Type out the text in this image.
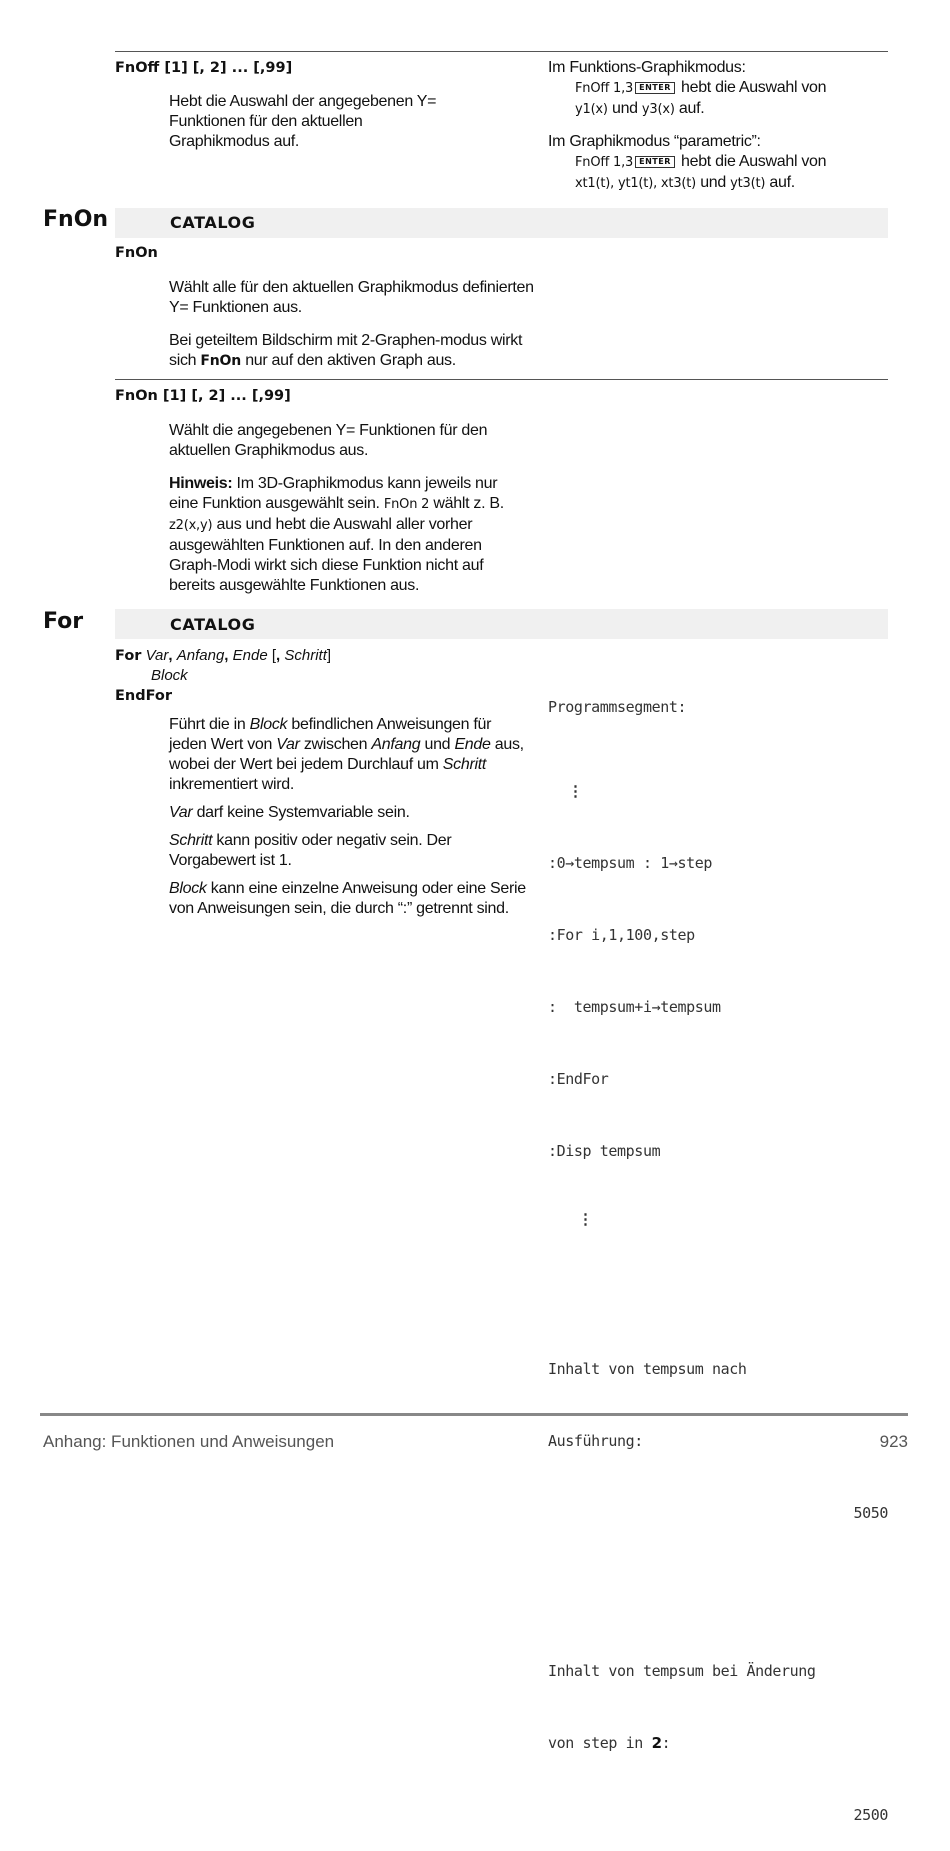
FnOff [1] [, 2] ... [,99]

Hebt die Auswahl der angegebenen Y= Funktionen für den aktuellen Graphikmodus auf.

Im Funktions-Graphikmodus:
FnOff 1,3 ENTER hebt die Auswahl von
y1(x) und y3(x) auf.
Im Graphikmodus “parametric”:
FnOff 1,3 ENTER hebt die Auswahl von
xt1(t), yt1(t), xt3(t) und yt3(t) auf.
FnOn	CATALOG
FnOn

Wählt alle für den aktuellen Graphikmodus definierten Y= Funktionen aus.

Bei geteiltem Bildschirm mit 2-Graphen-modus wirkt sich FnOn nur auf den aktiven Graph aus.

FnOn [1] [, 2] ... [,99]

Wählt die angegebenen Y= Funktionen für den aktuellen Graphikmodus aus.

Hinweis: Im 3D-Graphikmodus kann jeweils nur eine Funktion ausgewählt sein. FnOn 2 wählt z. B. z2(x,y) aus und hebt die Auswahl aller vorher ausgewählten Funktionen auf. In den anderen Graph-Modi wirkt sich diese Funktion nicht auf bereits ausgewählte Funktionen aus.

For	CATALOG
For Var, Anfang, Ende [, Schritt]
Block
EndFor

Führt die in Block befindlichen Anweisungen für jeden Wert von Var zwischen Anfang und Ende aus, wobei der Wert bei jedem Durchlauf um Schritt inkrementiert wird.

Var darf keine Systemvariable sein.

Schritt kann positiv oder negativ sein. Der Vorgabewert ist 1.

Block kann eine einzelne Anweisung oder eine Serie von Anweisungen sein, die durch “:” getrennt sind.

Programmsegment:

⋮

:0→tempsum : 1→step

:For i,1,100,step

:  tempsum+i→tempsum

:EndFor

:Disp tempsum

⋮

Inhalt von tempsum nach

Ausführung:

5050

Inhalt von tempsum bei Änderung

von step in 2:

2500

Anhang: Funktionen und Anweisungen	923
